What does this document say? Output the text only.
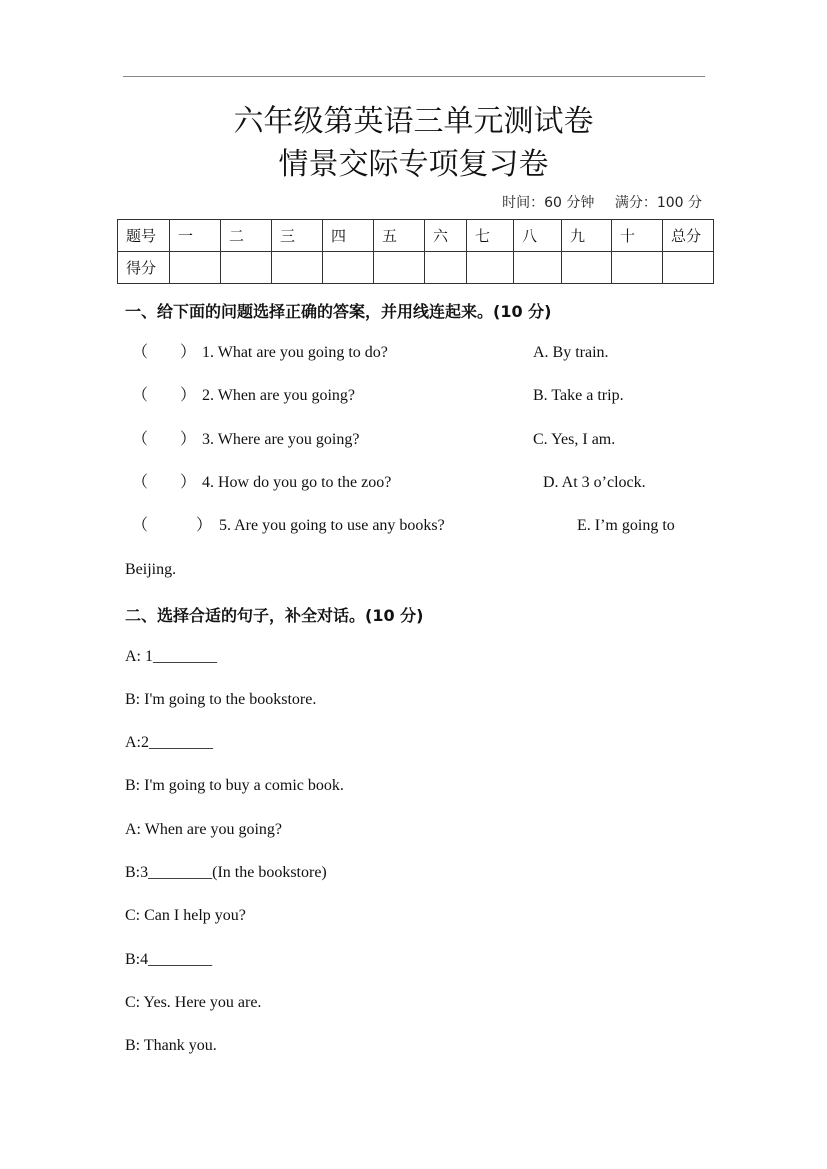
六年级第英语三单元测试卷
情景交际专项复习卷
时间：60 分钟 满分：100 分
题号	一	二	三	四	五	六	七	八	九	十	总分
得分											
一、给下面的问题选择正确的答案，并用线连起来。(10 分)
（　　） 1. What are you going to do?	A. By train.
（　　） 2. When are you going?	B. Take a trip.
（　　） 3. Where are you going?	C. Yes, I am.
（　　） 4. How do you go to the zoo?	D. At 3 o’clock.
（　　　） 5. Are you going to use any books?	E. I’m going to
Beijing.
二、选择合适的句子，补全对话。(10 分)
A: 1________
B: I'm going to the bookstore.
A:2________
B: I'm going to buy a comic book.
A: When are you going?
B:3________(In the bookstore)
C: Can I help you?
B:4________
C: Yes. Here you are.
B: Thank you.
